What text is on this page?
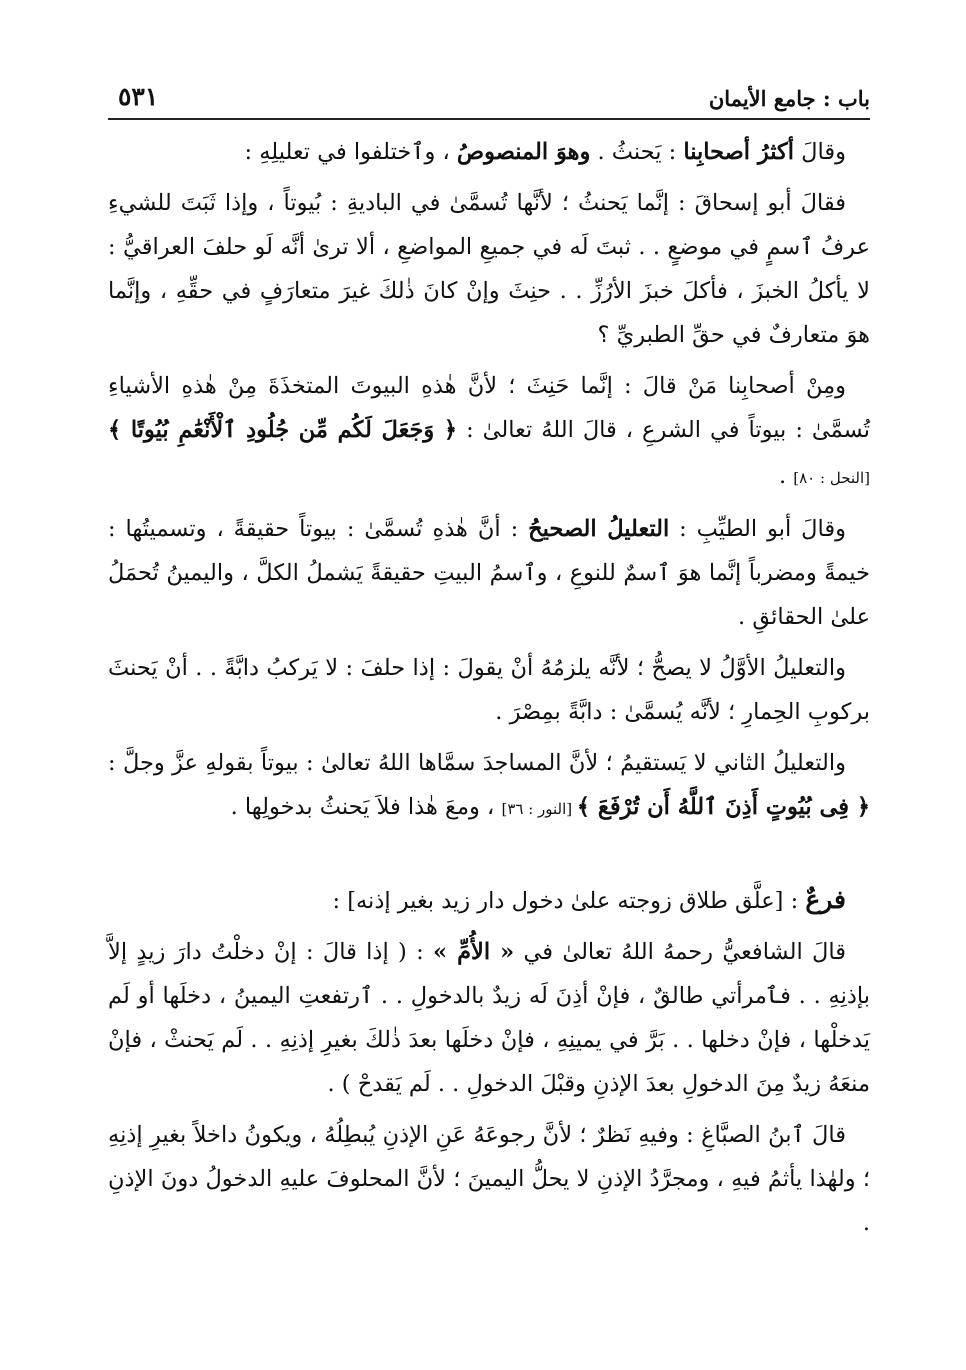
باب : جامع الأيمان
٥٣١

وقالَ أكثرُ أصحابِنا : يَحنثُ . وهوَ المنصوصُ ، وٱختلفوا في تعليلِهِ :

فقالَ أبو إسحاقَ : إنَّما يَحنثُ ؛ لأنَّها تُسمَّىٰ في الباديةِ : بُيوتاً ، وإذا ثَبَتَ للشيءِ عرفُ ٱسمٍ في موضعٍ . . ثبتَ لَه في جميعِ المواضعِ ، ألا ترىٰ أنَّه لَو حلفَ العراقيُّ : لا يأكلُ الخبزَ ، فأكلَ خبزَ الأرُزِّ . . حنِثَ وإنْ كانَ ذٰلكَ غيرَ متعارَفٍ في حقِّهِ ، وإنَّما هوَ متعارفٌ في حقِّ الطبريِّ ؟

ومِنْ أصحابِنا مَنْ قالَ : إنَّما حَنِثَ ؛ لأنَّ هٰذهِ البيوتَ المتخذَةَ مِنْ هٰذهِ الأشياءِ تُسمَّىٰ : بيوتاً في الشرعِ ، قالَ اللهُ تعالىٰ : ﴿ وَجَعَلَ لَكُم مِّن جُلُودِ ٱلْأَنْعَٰمِ بُيُوتًا ﴾ [النحل : ٨٠] .

وقالَ أبو الطيِّبِ : التعليلُ الصحيحُ : أنَّ هٰذهِ تُسمَّىٰ : بيوتاً حقيقةً ، وتسميتُها : خيمةً ومضرباً إنَّما هوَ ٱسمٌ للنوعِ ، وٱسمُ البيتِ حقيقةً يَشملُ الكلَّ ، واليمينُ تُحمَلُ علىٰ الحقائقِ .

والتعليلُ الأوَّلُ لا يصحُّ ؛ لأنَّه يلزمُهُ أنْ يقولَ : إذا حلفَ : لا يَركبُ دابَّةً . . أنْ يَحنثَ بركوبِ الحِمارِ ؛ لأنَّه يُسمَّىٰ : دابَّةً بمِصْرَ .

والتعليلُ الثاني لا يَستقيمُ ؛ لأنَّ المساجدَ سمَّاها اللهُ تعالىٰ : بيوتاً بقولهِ عزَّ وجلَّ : ﴿ فِى بُيُوتٍ أَذِنَ ٱللَّهُ أَن تُرْفَعَ ﴾ [النور : ٣٦] ، ومعَ هٰذا فلاَ يَحنثُ بدخولِها .

فرعٌ : [علَّق طلاق زوجته علىٰ دخول دار زيد بغير إذنه] :

قالَ الشافعيُّ رحمهُ اللهُ تعالىٰ في « الأُمِّ » : ( إذا قالَ : إنْ دخلْتُ دارَ زيدٍ إلاَّ بإذنِهِ . . فٱمرأتي طالقٌ ، فإنْ أذِنَ لَه زيدٌ بالدخولِ . . ٱرتفعتِ اليمينُ ، دخلَها أو لَم يَدخلْها ، فإنْ دخلها . . بَرَّ في يمينِهِ ، فإنْ دخلَها بعدَ ذٰلكَ بغيرِ إذنِهِ . . لَم يَحنثْ ، فإنْ منعَهُ زيدٌ مِنَ الدخولِ بعدَ الإذنِ وقبْلَ الدخولِ . . لَم يَقدحْ ) .

قالَ ٱبنُ الصبَّاغِ : وفيهِ نَظرٌ ؛ لأنَّ رجوعَهُ عَنِ الإذنِ يُبطِلُهُ ، ويكونُ داخلاً بغيرِ إذنِهِ ؛ ولهٰذا يأثمُ فيهِ ، ومجرَّدُ الإذنِ لا يحلُّ اليمينَ ؛ لأنَّ المحلوفَ عليهِ الدخولُ دونَ الإذنِ .
